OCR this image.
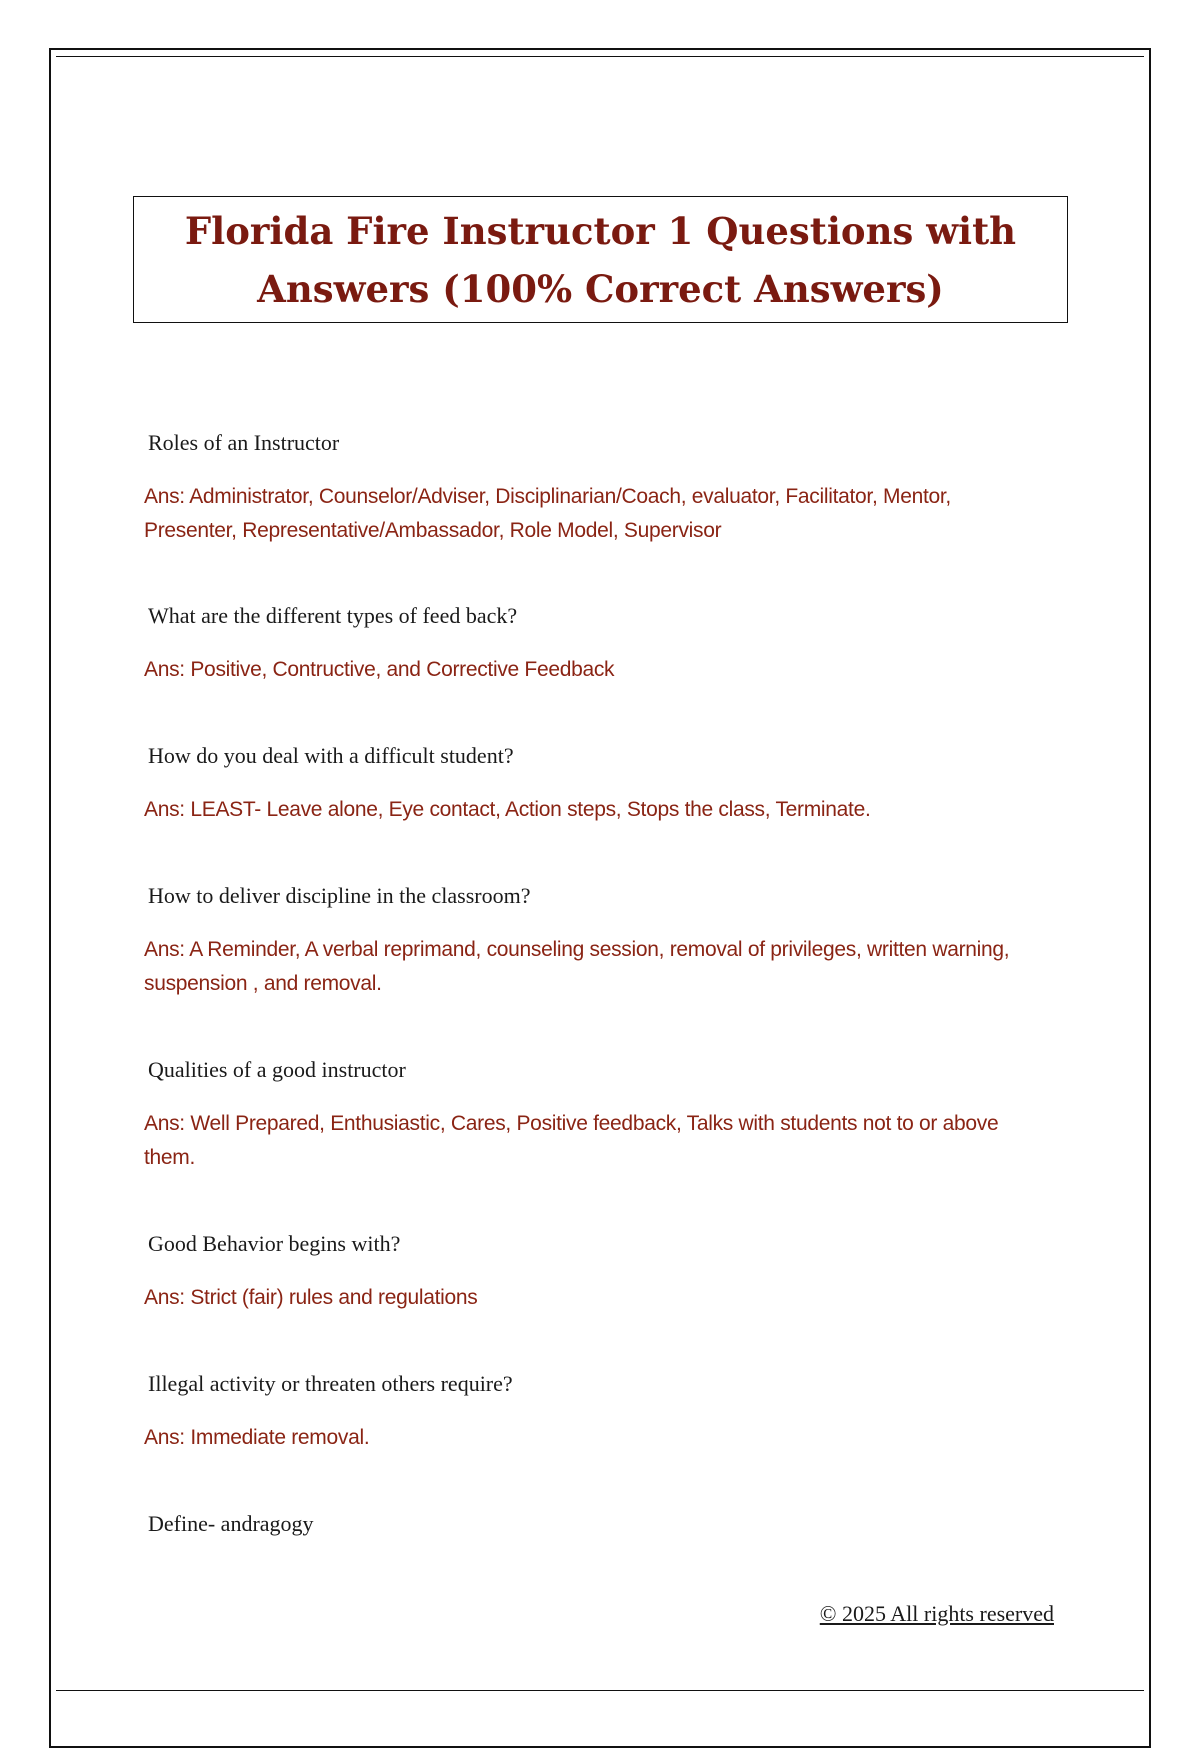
Florida Fire Instructor 1 Questions with Answers (100% Correct Answers)

Roles of an Instructor

Ans: Administrator, Counselor/Adviser, Disciplinarian/Coach, evaluator, Facilitator, Mentor, Presenter, Representative/Ambassador, Role Model, Supervisor

What are the different types of feed back?

Ans: Positive, Contructive, and Corrective Feedback

How do you deal with a difficult student?

Ans: LEAST- Leave alone, Eye contact, Action steps, Stops the class, Terminate.

How to deliver discipline in the classroom?

Ans: A Reminder, A verbal reprimand, counseling session, removal of privileges, written warning, suspension , and removal.

Qualities of a good instructor

Ans: Well Prepared, Enthusiastic, Cares, Positive feedback, Talks with students not to or above them.

Good Behavior begins with?

Ans: Strict (fair) rules and regulations

Illegal activity or threaten others require?

Ans: Immediate removal.

Define- andragogy

© 2025 All rights reserved
